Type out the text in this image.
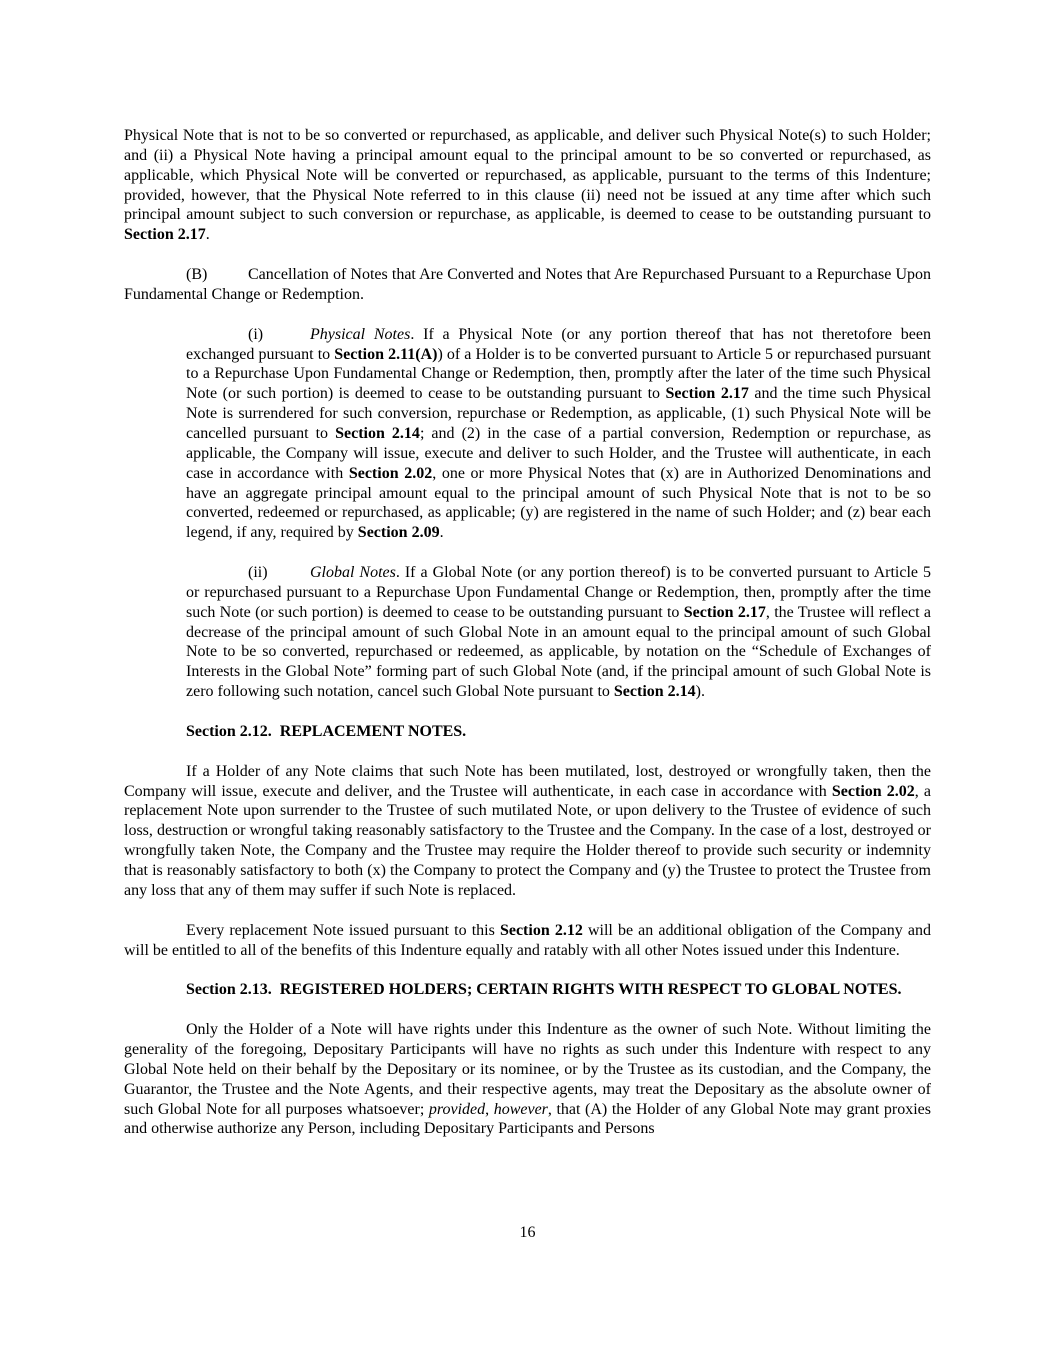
Physical Note that is not to be so converted or repurchased, as applicable, and deliver such Physical Note(s) to such Holder; and (ii) a Physical Note having a principal amount equal to the principal amount to be so converted or repurchased, as applicable, which Physical Note will be converted or repurchased, as applicable, pursuant to the terms of this Indenture; provided, however, that the Physical Note referred to in this clause (ii) need not be issued at any time after which such principal amount subject to such conversion or repurchase, as applicable, is deemed to cease to be outstanding pursuant to Section 2.17.

(B)	Cancellation of Notes that Are Converted and Notes that Are Repurchased Pursuant to a Repurchase Upon Fundamental Change or Redemption.

(i)	Physical Notes. If a Physical Note (or any portion thereof that has not theretofore been exchanged pursuant to Section 2.11(A)) of a Holder is to be converted pursuant to Article 5 or repurchased pursuant to a Repurchase Upon Fundamental Change or Redemption, then, promptly after the later of the time such Physical Note (or such portion) is deemed to cease to be outstanding pursuant to Section 2.17 and the time such Physical Note is surrendered for such conversion, repurchase or Redemption, as applicable, (1) such Physical Note will be cancelled pursuant to Section 2.14; and (2) in the case of a partial conversion, Redemption or repurchase, as applicable, the Company will issue, execute and deliver to such Holder, and the Trustee will authenticate, in each case in accordance with Section 2.02, one or more Physical Notes that (x) are in Authorized Denominations and have an aggregate principal amount equal to the principal amount of such Physical Note that is not to be so converted, redeemed or repurchased, as applicable; (y) are registered in the name of such Holder; and (z) bear each legend, if any, required by Section 2.09.

(ii)	Global Notes. If a Global Note (or any portion thereof) is to be converted pursuant to Article 5 or repurchased pursuant to a Repurchase Upon Fundamental Change or Redemption, then, promptly after the time such Note (or such portion) is deemed to cease to be outstanding pursuant to Section 2.17, the Trustee will reflect a decrease of the principal amount of such Global Note in an amount equal to the principal amount of such Global Note to be so converted, repurchased or redeemed, as applicable, by notation on the “Schedule of Exchanges of Interests in the Global Note” forming part of such Global Note (and, if the principal amount of such Global Note is zero following such notation, cancel such Global Note pursuant to Section 2.14).

Section 2.12.  REPLACEMENT NOTES.

If a Holder of any Note claims that such Note has been mutilated, lost, destroyed or wrongfully taken, then the Company will issue, execute and deliver, and the Trustee will authenticate, in each case in accordance with Section 2.02, a replacement Note upon surrender to the Trustee of such mutilated Note, or upon delivery to the Trustee of evidence of such loss, destruction or wrongful taking reasonably satisfactory to the Trustee and the Company. In the case of a lost, destroyed or wrongfully taken Note, the Company and the Trustee may require the Holder thereof to provide such security or indemnity that is reasonably satisfactory to both (x) the Company to protect the Company and (y) the Trustee to protect the Trustee from any loss that any of them may suffer if such Note is replaced.

Every replacement Note issued pursuant to this Section 2.12 will be an additional obligation of the Company and will be entitled to all of the benefits of this Indenture equally and ratably with all other Notes issued under this Indenture.

Section 2.13.  REGISTERED HOLDERS; CERTAIN RIGHTS WITH RESPECT TO GLOBAL NOTES.

Only the Holder of a Note will have rights under this Indenture as the owner of such Note. Without limiting the generality of the foregoing, Depositary Participants will have no rights as such under this Indenture with respect to any Global Note held on their behalf by the Depositary or its nominee, or by the Trustee as its custodian, and the Company, the Guarantor, the Trustee and the Note Agents, and their respective agents, may treat the Depositary as the absolute owner of such Global Note for all purposes whatsoever; provided, however, that (A) the Holder of any Global Note may grant proxies and otherwise authorize any Person, including Depositary Participants and Persons

16
